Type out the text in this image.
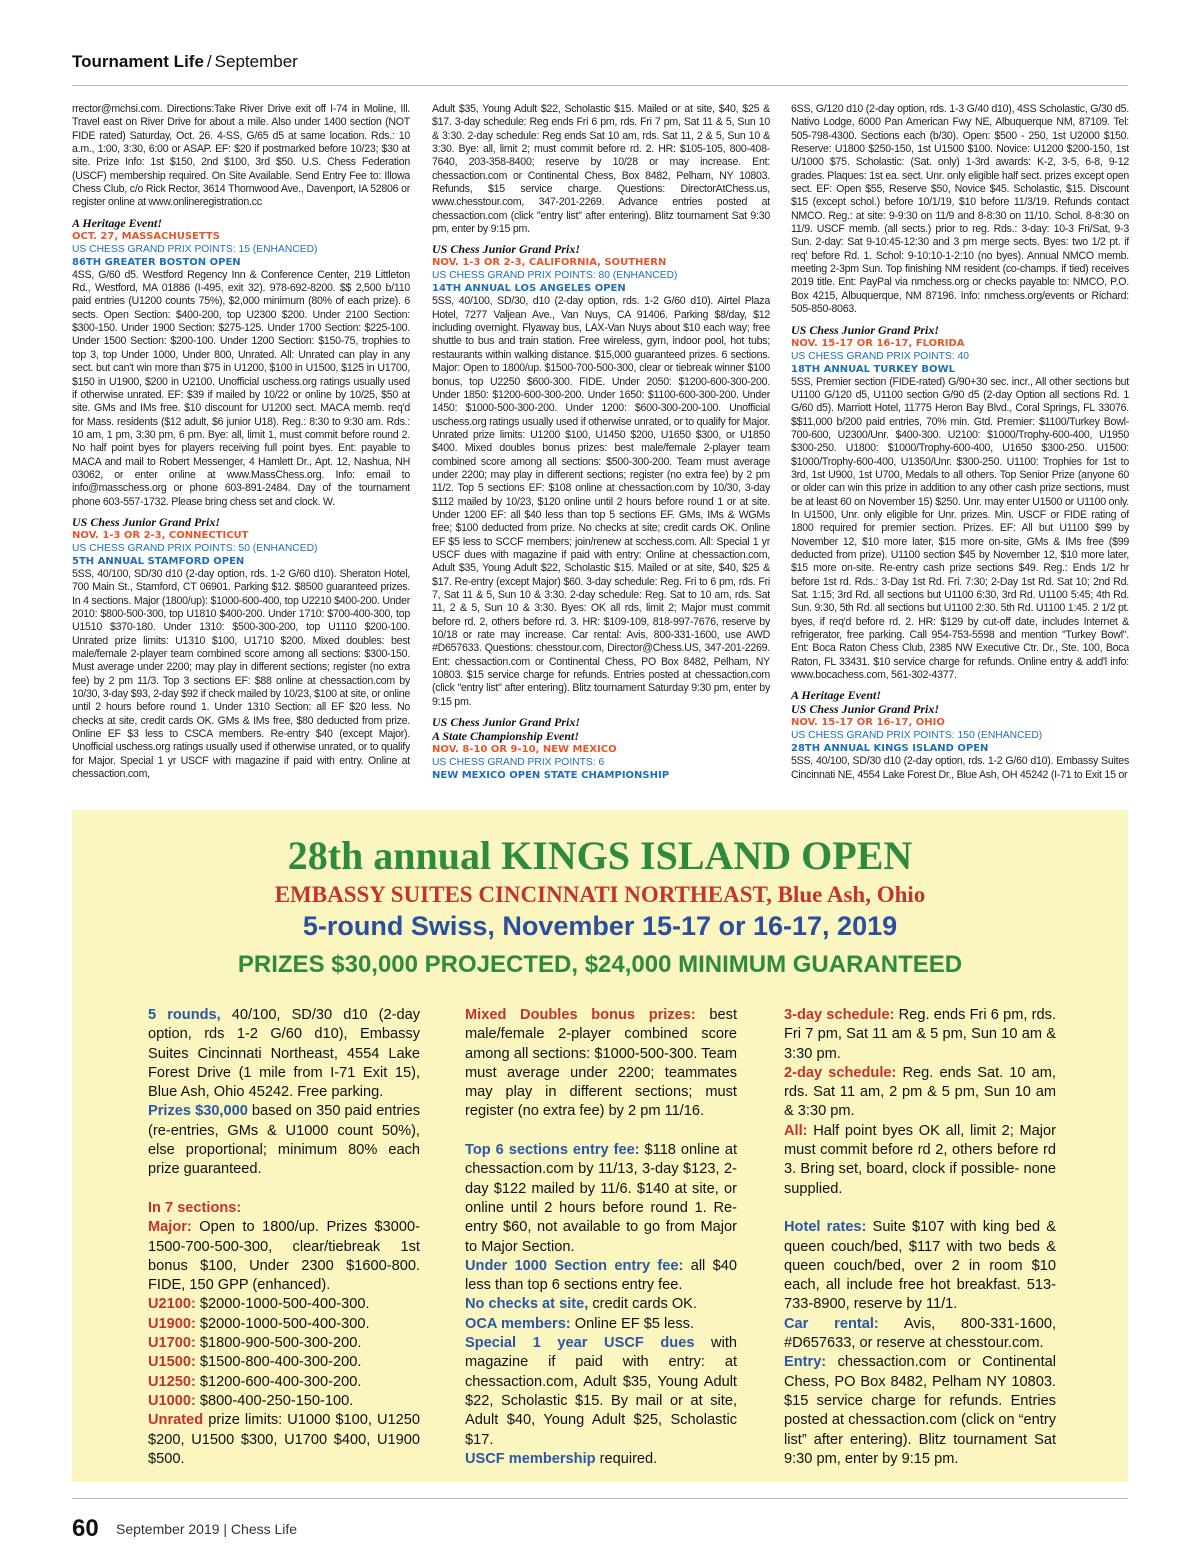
Tournament Life / September

rrector@mchsi.com. Directions:Take River Drive exit off I-74 in Moline, Ill. Travel east on River Drive for about a mile. Also under 1400 section (NOT FIDE rated) Saturday, Oct. 26. 4-SS, G/65 d5 at same location. Rds.: 10 a.m., 1:00, 3:30, 6:00 or ASAP. EF: $20 if postmarked before 10/23; $30 at site. Prize Info: 1st $150, 2nd $100, 3rd $50. U.S. Chess Federation (USCF) membership required. On Site Available. Send Entry Fee to: Illowa Chess Club, c/o Rick Rector, 3614 Thornwood Ave., Davenport, IA 52806 or register online at www.onlineregistration.cc

A Heritage Event!
OCT. 27, MASSACHUSETTS
US CHESS GRAND PRIX POINTS: 15 (ENHANCED)
86TH GREATER BOSTON OPEN

4SS, G/60 d5. Westford Regency Inn & Conference Center, 219 Littleton Rd., Westford, MA 01886 (I-495, exit 32). 978-692-8200. $$ 2,500 b/110 paid entries (U1200 counts 75%), $2,000 minimum (80% of each prize). 6 sects. Open Section: $400-200, top U2300 $200. Under 2100 Section: $300-150. Under 1900 Section: $275-125. Under 1700 Section: $225-100. Under 1500 Section: $200-100. Under 1200 Section: $150-75, trophies to top 3, top Under 1000, Under 800, Unrated. All: Unrated can play in any sect. but can't win more than $75 in U1200, $100 in U1500, $125 in U1700, $150 in U1900, $200 in U2100. Unofficial uschess.org ratings usually used if otherwise unrated. EF: $39 if mailed by 10/22 or online by 10/25, $50 at site. GMs and IMs free. $10 discount for U1200 sect. MACA memb. req'd for Mass. residents ($12 adult, $6 junior U18). Reg.: 8:30 to 9:30 am. Rds.: 10 am, 1 pm, 3:30 pm, 6 pm. Bye: all, limit 1, must commit before round 2. No half point byes for players receiving full point byes. Ent: payable to MACA and mail to Robert Messenger, 4 Hamlett Dr., Apt. 12, Nashua, NH 03062, or enter online at www.MassChess.org. Info: email to info@masschess.org or phone 603-891-2484. Day of the tournament phone 603-557-1732. Please bring chess set and clock. W.

US Chess Junior Grand Prix!
NOV. 1-3 OR 2-3, CONNECTICUT
US CHESS GRAND PRIX POINTS: 50 (ENHANCED)
5TH ANNUAL STAMFORD OPEN

5SS, 40/100, SD/30 d10 (2-day option, rds. 1-2 G/60 d10). Sheraton Hotel, 700 Main St., Stamford, CT 06901. Parking $12. $8500 guaranteed prizes. In 4 sections. Major (1800/up): $1000-600-400, top U2210 $400-200. Under 2010: $800-500-300, top U1810 $400-200. Under 1710: $700-400-300, top U1510 $370-180. Under 1310: $500-300-200, top U1110 $200-100. Unrated prize limits: U1310 $100, U1710 $200. Mixed doubles: best male/female 2-player team combined score among all sections: $300-150. Must average under 2200; may play in different sections; register (no extra fee) by 2 pm 11/3. Top 3 sections EF: $88 online at chessaction.com by 10/30, 3-day $93, 2-day $92 if check mailed by 10/23, $100 at site, or online until 2 hours before round 1. Under 1310 Section: all EF $20 less. No checks at site, credit cards OK. GMs & IMs free, $80 deducted from prize. Online EF $3 less to CSCA members. Re-entry $40 (except Major). Unofficial uschess.org ratings usually used if otherwise unrated, or to qualify for Major. Special 1 yr USCF with magazine if paid with entry. Online at chessaction.com,

Adult $35, Young Adult $22, Scholastic $15. Mailed or at site, $40, $25 & $17. 3-day schedule: Reg ends Fri 6 pm, rds. Fri 7 pm, Sat 11 & 5, Sun 10 & 3:30. 2-day schedule: Reg ends Sat 10 am, rds. Sat 11, 2 & 5, Sun 10 & 3:30. Bye: all, limit 2; must commit before rd. 2. HR: $105-105, 800-408-7640, 203-358-8400; reserve by 10/28 or may increase. Ent: chessaction.com or Continental Chess, Box 8482, Pelham, NY 10803. Refunds, $15 service charge. Questions: DirectorAtChess.us, www.chesstour.com, 347-201-2269. Advance entries posted at chessaction.com (click "entry list" after entering). Blitz tournament Sat 9:30 pm, enter by 9:15 pm.

US Chess Junior Grand Prix!
NOV. 1-3 OR 2-3, CALIFORNIA, SOUTHERN
US CHESS GRAND PRIX POINTS: 80 (ENHANCED)
14TH ANNUAL LOS ANGELES OPEN

5SS, 40/100, SD/30, d10 (2-day option, rds. 1-2 G/60 d10). Airtel Plaza Hotel, 7277 Valjean Ave., Van Nuys, CA 91406. Parking $8/day, $12 including overnight. Flyaway bus, LAX-Van Nuys about $10 each way; free shuttle to bus and train station. Free wireless, gym, indoor pool, hot tubs; restaurants within walking distance. $15,000 guaranteed prizes. 6 sections. Major: Open to 1800/up. $1500-700-500-300, clear or tiebreak winner $100 bonus, top U2250 $600-300. FIDE. Under 2050: $1200-600-300-200. Under 1850: $1200-600-300-200. Under 1650: $1100-600-300-200. Under 1450: $1000-500-300-200. Under 1200: $600-300-200-100. Unofficial uschess.org ratings usually used if otherwise unrated, or to qualify for Major. Unrated prize limits: U1200 $100, U1450 $200, U1650 $300, or U1850 $400. Mixed doubles bonus prizes: best male/female 2-player team combined score among all sections: $500-300-200. Team must average under 2200; may play in different sections; register (no extra fee) by 2 pm 11/2. Top 5 sections EF: $108 online at chessaction.com by 10/30, 3-day $112 mailed by 10/23, $120 online until 2 hours before round 1 or at site. Under 1200 EF: all $40 less than top 5 sections EF. GMs, IMs & WGMs free; $100 deducted from prize. No checks at site; credit cards OK. Online EF $5 less to SCCF members; join/renew at scchess.com. All: Special 1 yr USCF dues with magazine if paid with entry: Online at chessaction.com, Adult $35, Young Adult $22, Scholastic $15. Mailed or at site, $40, $25 & $17. Re-entry (except Major) $60. 3-day schedule: Reg. Fri to 6 pm, rds. Fri 7, Sat 11 & 5, Sun 10 & 3:30. 2-day schedule: Reg. Sat to 10 am, rds. Sat 11, 2 & 5, Sun 10 & 3:30. Byes: OK all rds, limit 2; Major must commit before rd. 2, others before rd. 3. HR: $109-109, 818-997-7676, reserve by 10/18 or rate may increase. Car rental: Avis, 800-331-1600, use AWD #D657633. Questions: chesstour.com, Director@Chess.US, 347-201-2269. Ent: chessaction.com or Continental Chess, PO Box 8482, Pelham, NY 10803. $15 service charge for refunds. Entries posted at chessaction.com (click "entry list" after entering). Blitz tournament Saturday 9:30 pm, enter by 9:15 pm.

US Chess Junior Grand Prix!
A State Championship Event!
NOV. 8-10 OR 9-10, NEW MEXICO
US CHESS GRAND PRIX POINTS: 6
NEW MEXICO OPEN STATE CHAMPIONSHIP

6SS, G/120 d10 (2-day option, rds. 1-3 G/40 d10), 4SS Scholastic, G/30 d5. Nativo Lodge, 6000 Pan American Fwy NE, Albuquerque NM, 87109. Tel: 505-798-4300. Sections each (b/30). Open: $500 - 250, 1st U2000 $150. Reserve: U1800 $250-150, 1st U1500 $100. Novice: U1200 $200-150, 1st U/1000 $75. Scholastic: (Sat. only) 1-3rd awards: K-2, 3-5, 6-8, 9-12 grades. Plaques: 1st ea. sect. Unr. only eligible half sect. prizes except open sect. EF: Open $55, Reserve $50, Novice $45. Scholastic, $15. Discount $15 (except schol.) before 10/1/19, $10 before 11/3/19. Refunds contact NMCO. Reg.: at site: 9-9:30 on 11/9 and 8-8:30 on 11/10. Schol. 8-8:30 on 11/9. USCF memb. (all sects.) prior to reg. Rds.: 3-day: 10-3 Fri/Sat, 9-3 Sun. 2-day: Sat 9-10:45-12:30 and 3 pm merge sects. Byes: two 1/2 pt. if req' before Rd. 1. Schol: 9-10:10-1-2:10 (no byes). Annual NMCO memb. meeting 2-3pm Sun. Top finishing NM resident (co-champs. if tied) receives 2019 title. Ent: PayPal via nmchess.org or checks payable to: NMCO, P.O. Box 4215, Albuquerque, NM 87196. Info: nmchess.org/events or Richard: 505-850-8063.

US Chess Junior Grand Prix!
NOV. 15-17 OR 16-17, FLORIDA
US CHESS GRAND PRIX POINTS: 40
18TH ANNUAL TURKEY BOWL

5SS, Premier section (FIDE-rated) G/90+30 sec. incr., All other sections but U1100 G/120 d5, U1100 section G/90 d5 (2-day Option all sections Rd. 1 G/60 d5). Marriott Hotel, 11775 Heron Bay Blvd., Coral Springs, FL 33076. $$11,000 b/200 paid entries, 70% min. Gtd. Premier: $1100/Turkey Bowl-700-600, U2300/Unr. $400-300. U2100: $1000/Trophy-600-400, U1950 $300-250. U1800: $1000/Trophy-600-400, U1650 $300-250. U1500: $1000/Trophy-600-400, U1350/Unr. $300-250. U1100: Trophies for 1st to 3rd, 1st U900, 1st U700, Medals to all others. Top Senior Prize (anyone 60 or older can win this prize in addition to any other cash prize sections, must be at least 60 on November 15) $250. Unr. may enter U1500 or U1100 only. In U1500, Unr. only eligible for Unr. prizes. Min. USCF or FIDE rating of 1800 required for premier section. Prizes. EF: All but U1100 $99 by November 12, $10 more later, $15 more on-site, GMs & IMs free ($99 deducted from prize). U1100 section $45 by November 12, $10 more later, $15 more on-site. Re-entry cash prize sections $49. Reg.: Ends 1/2 hr before 1st rd. Rds.: 3-Day 1st Rd. Fri. 7:30; 2-Day 1st Rd. Sat 10; 2nd Rd. Sat. 1:15; 3rd Rd. all sections but U1100 6:30, 3rd Rd. U1100 5:45; 4th Rd. Sun. 9:30, 5th Rd. all sections but U1100 2:30. 5th Rd. U1100 1:45. 2 1/2 pt. byes, if req'd before rd. 2. HR: $129 by cut-off date, includes Internet & refrigerator, free parking. Call 954-753-5598 and mention "Turkey Bowl". Ent: Boca Raton Chess Club, 2385 NW Executive Ctr. Dr., Ste. 100, Boca Raton, FL 33431. $10 service charge for refunds. Online entry & add'l info: www.bocachess.com, 561-302-4377.

A Heritage Event!
US Chess Junior Grand Prix!
NOV. 15-17 OR 16-17, OHIO
US CHESS GRAND PRIX POINTS: 150 (ENHANCED)
28TH ANNUAL KINGS ISLAND OPEN

5SS, 40/100, SD/30 d10 (2-day option, rds. 1-2 G/60 d10). Embassy Suites Cincinnati NE, 4554 Lake Forest Dr., Blue Ash, OH 45242 (I-71 to Exit 15 or

28th annual KINGS ISLAND OPEN
EMBASSY SUITES CINCINNATI NORTHEAST, Blue Ash, Ohio
5-round Swiss, November 15-17 or 16-17, 2019
PRIZES $30,000 PROJECTED, $24,000 MINIMUM GUARANTEED

5 rounds, 40/100, SD/30 d10 (2-day option, rds 1-2 G/60 d10), Embassy Suites Cincinnati Northeast, 4554 Lake Forest Drive (1 mile from I-71 Exit 15), Blue Ash, Ohio 45242. Free parking.

Prizes $30,000 based on 350 paid entries (re-entries, GMs & U1000 count 50%), else proportional; minimum 80% each prize guaranteed.

In 7 sections:

Major: Open to 1800/up. Prizes $3000-1500-700-500-300, clear/tiebreak 1st bonus $100, Under 2300 $1600-800. FIDE, 150 GPP (enhanced).

U2100: $2000-1000-500-400-300.

U1900: $2000-1000-500-400-300.

U1700: $1800-900-500-300-200.

U1500: $1500-800-400-300-200.

U1250: $1200-600-400-300-200.

U1000: $800-400-250-150-100.

Unrated prize limits: U1000 $100, U1250 $200, U1500 $300, U1700 $400, U1900 $500.

Mixed Doubles bonus prizes: best male/female 2-player combined score among all sections: $1000-500-300. Team must average under 2200; teammates may play in different sections; must register (no extra fee) by 2 pm 11/16.

Top 6 sections entry fee: $118 online at chessaction.com by 11/13, 3-day $123, 2-day $122 mailed by 11/6. $140 at site, or online until 2 hours before round 1. Re-entry $60, not available to go from Major to Major Section.

Under 1000 Section entry fee: all $40 less than top 6 sections entry fee.

No checks at site, credit cards OK.

OCA members: Online EF $5 less.

Special 1 year USCF dues with magazine if paid with entry: at chessaction.com, Adult $35, Young Adult $22, Scholastic $15. By mail or at site, Adult $40, Young Adult $25, Scholastic $17.

USCF membership required.

3-day schedule: Reg. ends Fri 6 pm, rds. Fri 7 pm, Sat 11 am & 5 pm, Sun 10 am & 3:30 pm.

2-day schedule: Reg. ends Sat. 10 am, rds. Sat 11 am, 2 pm & 5 pm, Sun 10 am & 3:30 pm.

All: Half point byes OK all, limit 2; Major must commit before rd 2, others before rd 3. Bring set, board, clock if possible- none supplied.

Hotel rates: Suite $107 with king bed & queen couch/bed, $117 with two beds & queen couch/bed, over 2 in room $10 each, all include free hot breakfast. 513-733-8900, reserve by 11/1.

Car rental: Avis, 800-331-1600, #D657633, or reserve at chesstour.com.

Entry: chessaction.com or Continental Chess, PO Box 8482, Pelham NY 10803. $15 service charge for refunds. Entries posted at chessaction.com (click on “entry list” after entering). Blitz tournament Sat 9:30 pm, enter by 9:15 pm.

60 September 2019 | Chess Life
